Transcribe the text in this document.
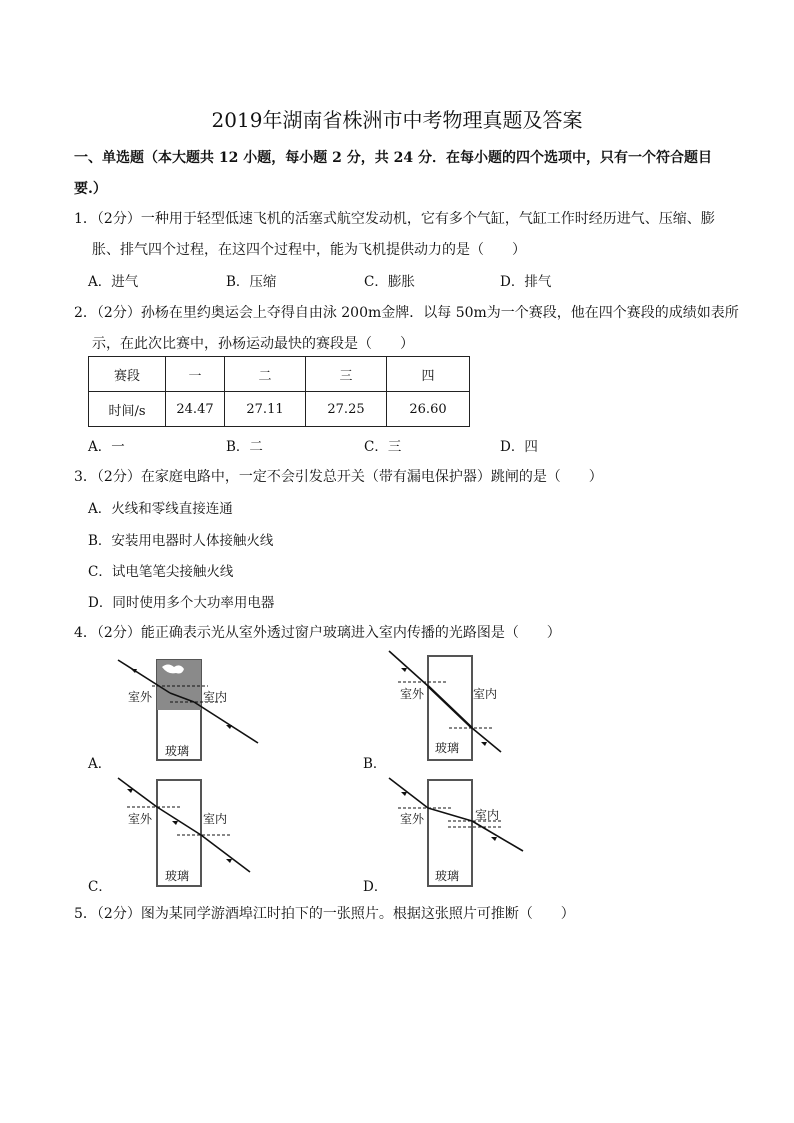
2019年湖南省株洲市中考物理真题及答案
一、单选题（本大题共 12 小题，每小题 2 分，共 24 分．在每小题的四个选项中，只有一个符合题目
要.）
1．（2分）一种用于轻型低速飞机的活塞式航空发动机，它有多个气缸，气缸工作时经历进气、压缩、膨
胀、排气四个过程，在这四个过程中，能为飞机提供动力的是（　　）
A．进气	B．压缩	C．膨胀	D．排气
2．（2分）孙杨在里约奥运会上夺得自由泳 200m金牌．以每 50m为一个赛段，他在四个赛段的成绩如表所
示，在此次比赛中，孙杨运动最快的赛段是（　　）
赛段	一	二	三	四
时间/s	24.47	27.11	27.25	26.60
A．一	B．二	C．三	D．四
3．（2分）在家庭电路中，一定不会引发总开关（带有漏电保护器）跳闸的是（　　）
A．火线和零线直接连通
B．安装用电器时人体接触火线
C．试电笔笔尖接触火线
D．同时使用多个大功率用电器
4．（2分）能正确表示光从室外透过窗户玻璃进入室内传播的光路图是（　　）
室外	室内
玻璃
A．
室外	室内
玻璃
B．
室外	室内
玻璃
C．
室外	室内
玻璃
D．
5．（2分）图为某同学游酒埠江时拍下的一张照片。根据这张照片可推断（　　）
